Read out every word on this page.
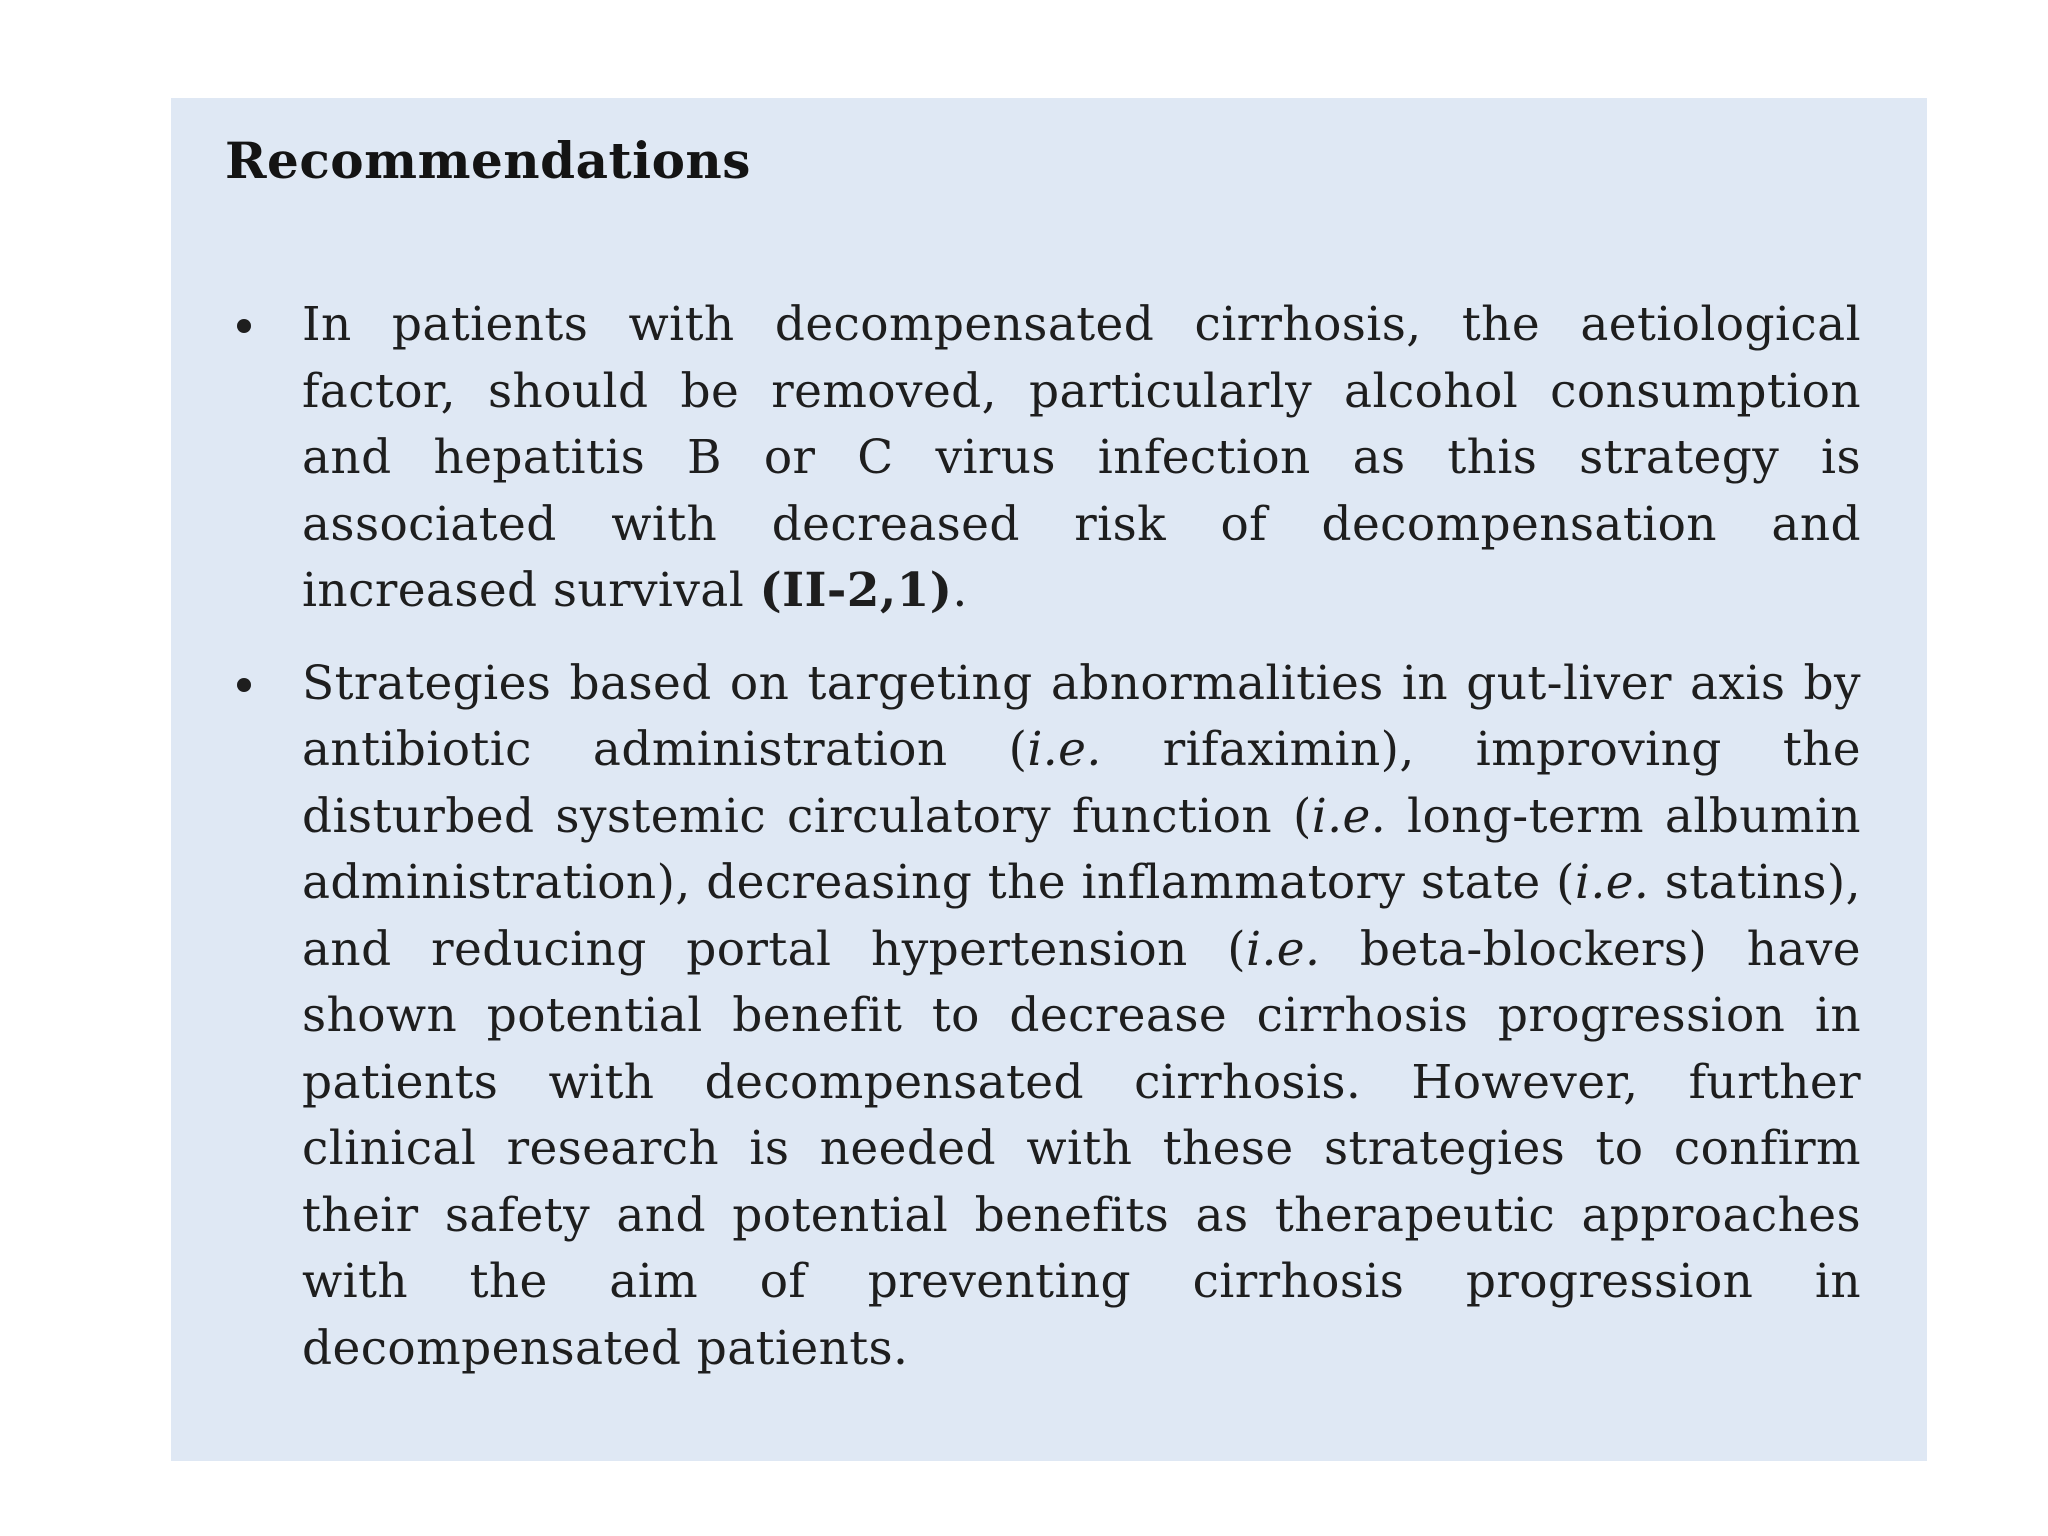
Recommendations
In patients with decompensated cirrhosis, the aetiological factor, should be removed, particularly alcohol consumption and hepatitis B or C virus infection as this strategy is associated with decreased risk of decompensation and increased survival (II-2,1).
Strategies based on targeting abnormalities in gut-liver axis by antibiotic administration (i.e. rifaximin), improving the disturbed systemic circulatory function (i.e. long-term albumin administration), decreasing the inflammatory state (i.e. statins), and reducing portal hypertension (i.e. beta-blockers) have shown potential benefit to decrease cirrhosis progression in patients with decompensated cirrhosis. However, further clinical research is needed with these strategies to confirm their safety and potential benefits as therapeutic approaches with the aim of preventing cirrhosis progression in decompensated patients.
